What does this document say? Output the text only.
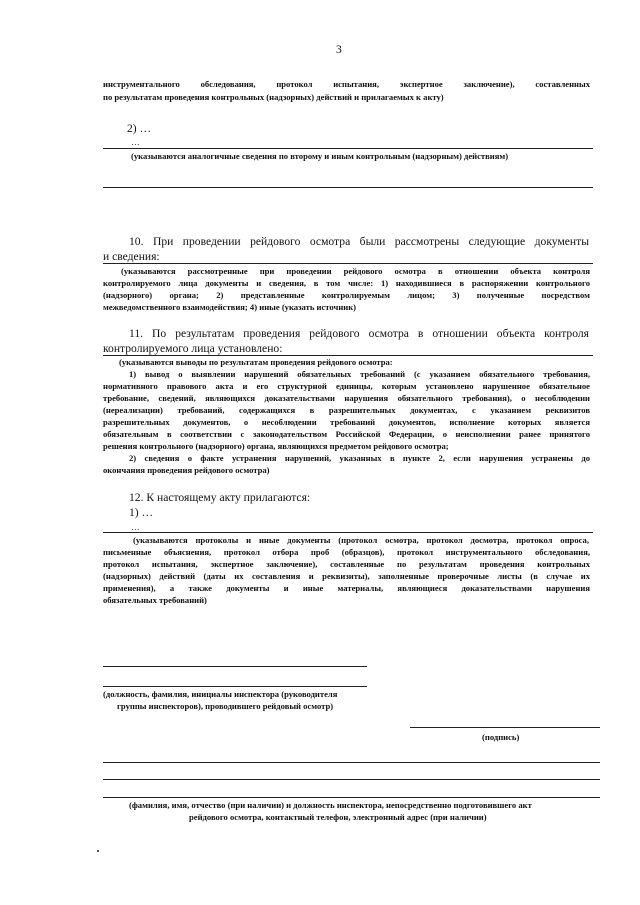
3
инструментального обследования, протокол испытания, экспертное заключение), составленных
по результатам проведения контрольных (надзорных) действий и прилагаемых к акту)
2) …
…
(указываются аналогичные сведения по второму и иным контрольным (надзорным) действиям)
10. При проведении рейдового осмотра были рассмотрены следующие документы
и сведения:
(указываются рассмотренные при проведении рейдового осмотра в отношении объекта контроля
контролируемого лица документы и сведения, в том числе: 1) находившиеся в распоряжении контрольного
(надзорного) органа; 2) представленные контролируемым лицом; 3) полученные посредством
межведомственного взаимодействия; 4) иные (указать источник)
11. По результатам проведения рейдового осмотра в отношении объекта контроля
контролируемого лица установлено:
(указываются выводы по результатам проведения рейдового осмотра:
1) вывод о выявлении нарушений обязательных требований (с указанием обязательного требования,
нормативного правового акта и его структурной единицы, которым установлено нарушенное обязательное
требование, сведений, являющихся доказательствами нарушения обязательного требования), о несоблюдении
(нереализации) требований, содержащихся в разрешительных документах, с указанием реквизитов
разрешительных документов, о несоблюдении требований документов, исполнение которых является
обязательным в соответствии с законодательством Российской Федерации, о неисполнении ранее принятого
решения контрольного (надзорного) органа, являющихся предметом рейдового осмотра;
2) сведения о факте устранения нарушений, указанных в пункте 2, если нарушения устранены до
окончания проведения рейдового осмотра)
12. К настоящему акту прилагаются:
1) …
…
(указываются протоколы и иные документы (протокол осмотра, протокол досмотра, протокол опроса,
письменные объяснения, протокол отбора проб (образцов), протокол инструментального обследования,
протокол испытания, экспертное заключение), составленные по результатам проведения контрольных
(надзорных) действий (даты их составления и реквизиты), заполненные проверочные листы (в случае их
применения), а также документы и иные материалы, являющиеся доказательствами нарушения
обязательных требований)
(должность, фамилия, инициалы инспектора (руководителя
группы инспекторов), проводившего рейдовый осмотр)
(подпись)
(фамилия, имя, отчество (при наличии) и должность инспектора, непосредственно подготовившего акт
рейдового осмотра, контактный телефон, электронный адрес (при наличии)
